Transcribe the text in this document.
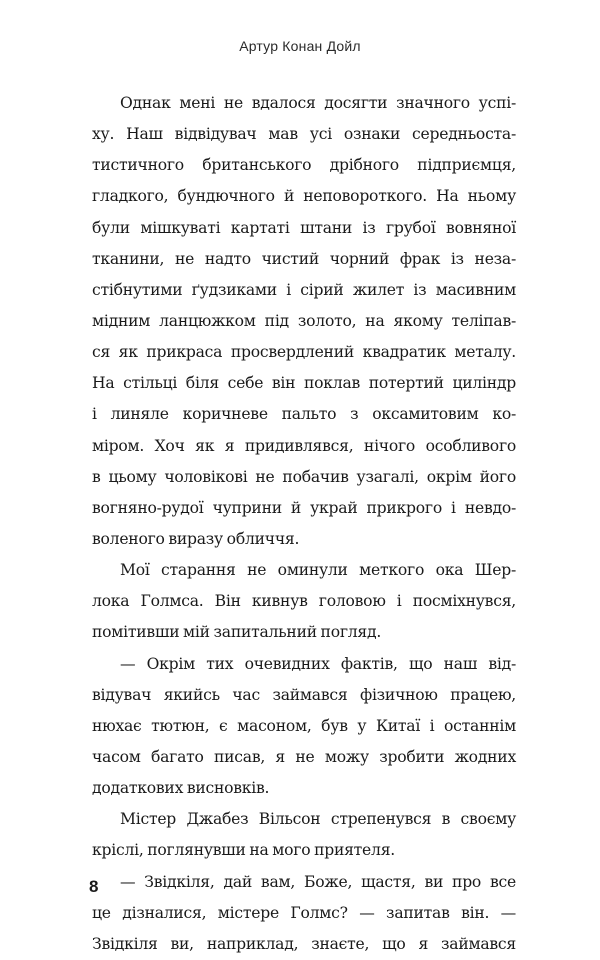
Артур Конан Дойл
Однак мені не вдалося досягти значного успі-
ху. Наш відвідувач мав усі ознаки середньоста-
тистичного британського дрібного підприємця,
гладкого, бундючного й неповороткого. На ньому
були мішкуваті картаті штани із грубої вовняної
тканини, не надто чистий чорний фрак із неза-
стібнутими ґудзиками і сірий жилет із масивним
мідним ланцюжком під золото, на якому теліпав-
ся як прикраса просвердлений квадратик металу.
На стільці біля себе він поклав потертий циліндр
і линяле коричневе пальто з оксамитовим ко-
міром. Хоч як я придивлявся, нічого особливого
в цьому чоловікові не побачив узагалі, окрім його
вогняно-рудої чуприни й украй прикрого і невдо-
воленого виразу обличчя.
Мої старання не оминули меткого ока Шер-
лока Голмса. Він кивнув головою і посміхнувся,
помітивши мій запитальний погляд.
— Окрім тих очевидних фактів, що наш від-
відувач якийсь час займався фізичною працею,
нюхає тютюн, є масоном, був у Китаї і останнім
часом багато писав, я не можу зробити жодних
додаткових висновків.
Містер Джабез Вільсон стрепенувся в своєму
кріслі, поглянувши на мого приятеля.
— Звідкіля, дай вам, Боже, щастя, ви про все
це дізналися, містере Голмс? — запитав він. —
Звідкіля ви, наприклад, знаєте, що я займався
8
